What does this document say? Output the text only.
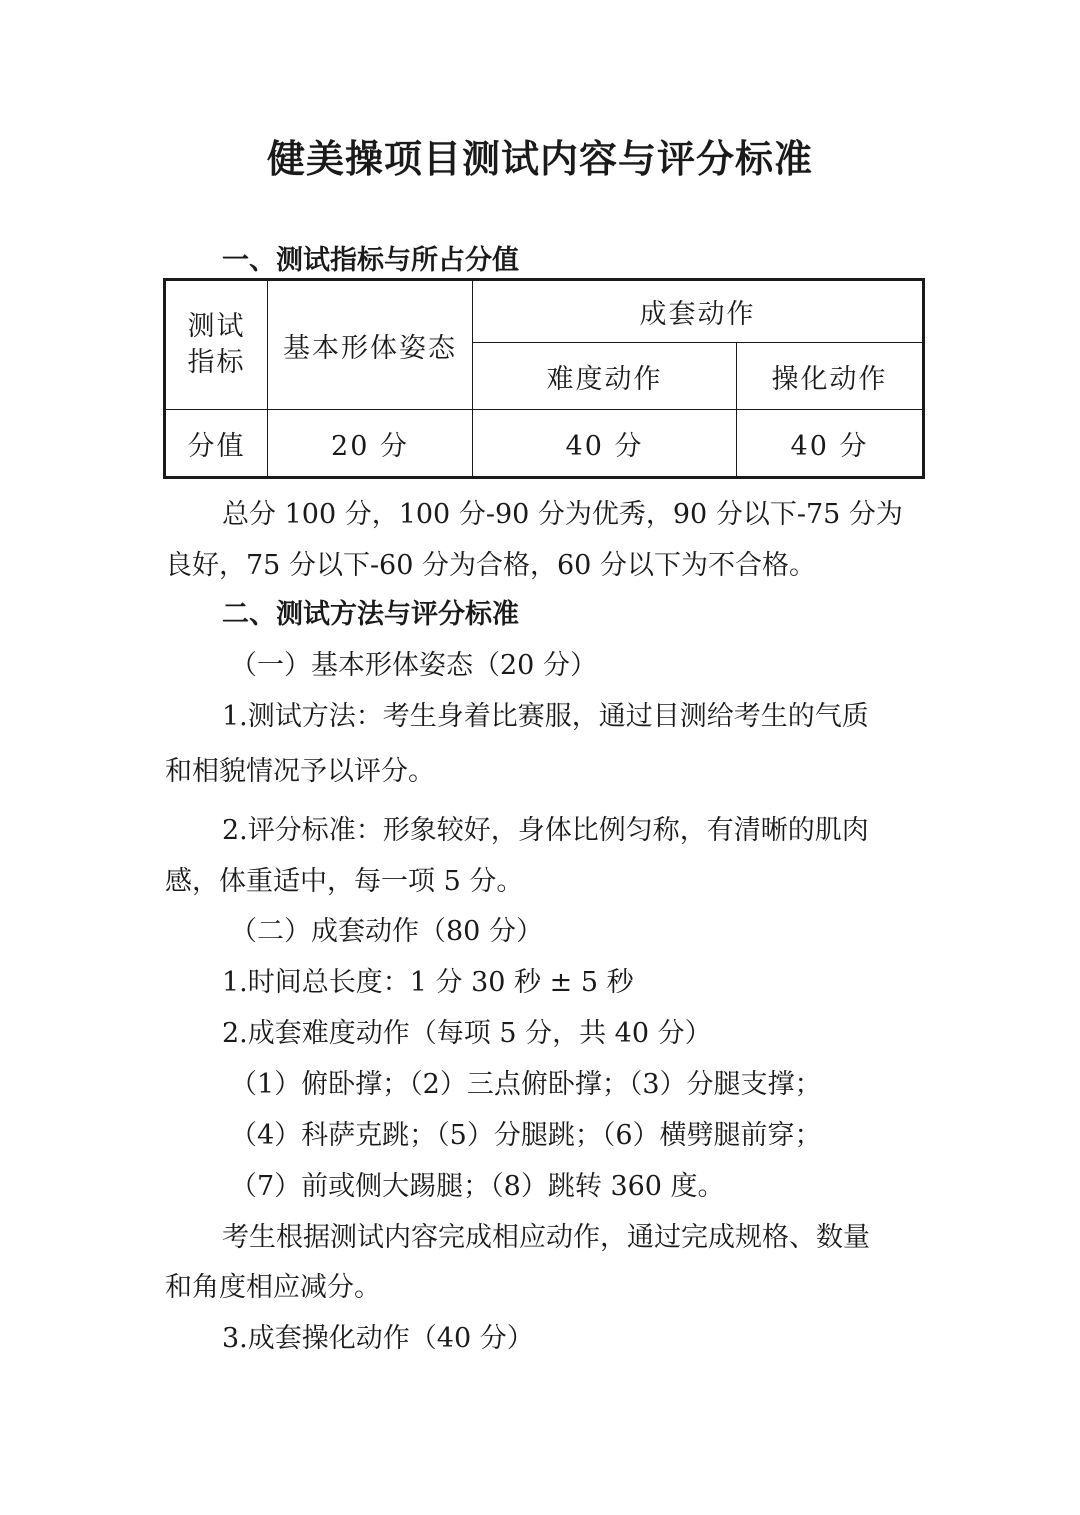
健美操项目测试内容与评分标准
一、测试指标与所占分值
测试
指标	基本形体姿态	成套动作	
		难度动作	操化动作
分值	20 分	40 分	40 分
总分 100 分，100 分-90 分为优秀，90 分以下-75 分为
良好，75 分以下-60 分为合格，60 分以下为不合格。
二、测试方法与评分标准
（一）基本形体姿态（20 分）
1.测试方法：考生身着比赛服，通过目测给考生的气质
和相貌情况予以评分。
2.评分标准：形象较好，身体比例匀称，有清晰的肌肉
感，体重适中，每一项 5 分。
（二）成套动作（80 分）
1.时间总长度：1 分 30 秒 ± 5 秒
2.成套难度动作（每项 5 分，共 40 分）
（1）俯卧撑；（2）三点俯卧撑；（3）分腿支撑；
（4）科萨克跳；（5）分腿跳；（6）横劈腿前穿；
（7）前或侧大踢腿；（8）跳转 360 度。
考生根据测试内容完成相应动作，通过完成规格、数量
和角度相应减分。
3.成套操化动作（40 分）
